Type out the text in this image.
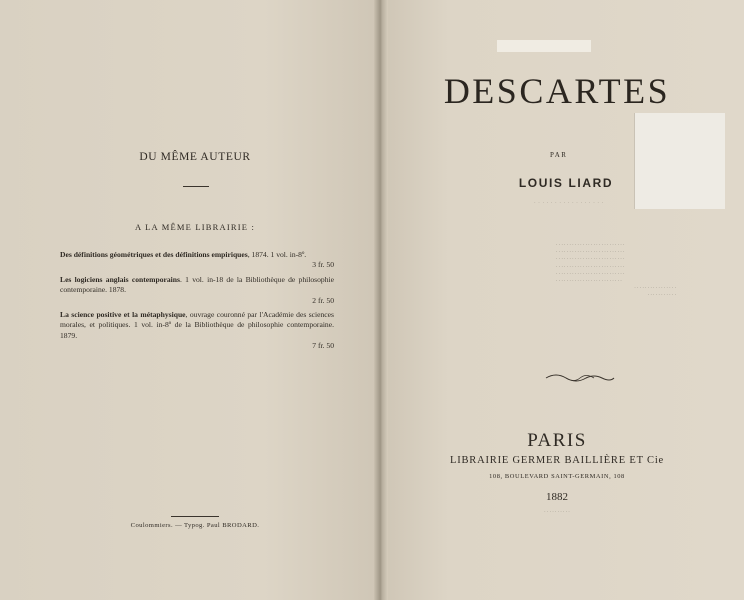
DU MÊME AUTEUR
A LA MÊME LIBRAIRIE :
Des définitions géométriques et des définitions empiriques, 1874. 1 vol. in-8º.
3 fr. 50
Les logiciens anglais contemporains. 1 vol. in-18 de la Bibliothèque de philosophie contemporaine. 1878.
2 fr. 50
La science positive et la métaphysique, ouvrage couronné par l'Académie des sciences morales, et politiques. 1 vol. in-8º de la Bibliothèque de philosophie contemporaine. 1879.
7 fr. 50
Coulommiers. — Typog. Paul BRODARD.
DESCARTES
PAR
LOUIS LIARD
· · · · · · · · · · · · · · · · ·
· · · · · · · · · · · · · · · · · · · · · · · · · ·
· · · · · · · · · · · · · · · · · · · · · · · · · ·
· · · · · · · · · · · · · · · · · · · · · · · · · ·
· · · · · · · · · · · · · · · · · · · · · · · · · ·
· · · · · · · · · · · · · · · · · · · · · · · · · ·
· · · · · · · · · · · · · · · · · · · · · · · · ·
· · · · · · · · · · · · · · · ·
· · · · · · · · · · ·
PARIS
LIBRAIRIE GERMER BAILLIÈRE ET Cie
108, BOULEVARD SAINT-GERMAIN, 108
1882
· · · · · · · · · ·
